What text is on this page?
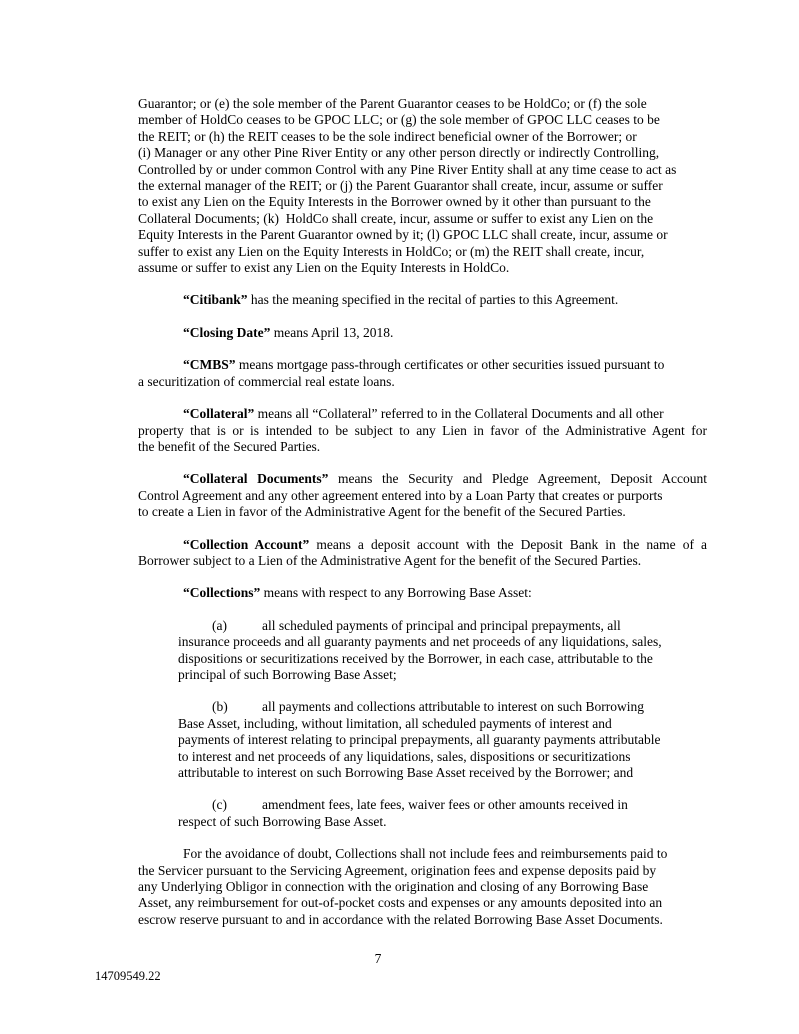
Guarantor; or (e) the sole member of the Parent Guarantor ceases to be HoldCo; or (f) the sole
member of HoldCo ceases to be GPOC LLC; or (g) the sole member of GPOC LLC ceases to be
the REIT; or (h) the REIT ceases to be the sole indirect beneficial owner of the Borrower; or
(i) Manager or any other Pine River Entity or any other person directly or indirectly Controlling,
Controlled by or under common Control with any Pine River Entity shall at any time cease to act as
the external manager of the REIT; or (j) the Parent Guarantor shall create, incur, assume or suffer
to exist any Lien on the Equity Interests in the Borrower owned by it other than pursuant to the
Collateral Documents; (k)  HoldCo shall create, incur, assume or suffer to exist any Lien on the
Equity Interests in the Parent Guarantor owned by it; (l) GPOC LLC shall create, incur, assume or
suffer to exist any Lien on the Equity Interests in HoldCo; or (m) the REIT shall create, incur,
assume or suffer to exist any Lien on the Equity Interests in HoldCo.
“Citibank” has the meaning specified in the recital of parties to this Agreement.
“Closing Date” means April 13, 2018.
“CMBS” means mortgage pass-through certificates or other securities issued pursuant to
a securitization of commercial real estate loans.
“Collateral” means all “Collateral” referred to in the Collateral Documents and all other
property that is or is intended to be subject to any Lien in favor of the Administrative Agent for
the benefit of the Secured Parties.
“Collateral Documents” means the Security and Pledge Agreement, Deposit Account
Control Agreement and any other agreement entered into by a Loan Party that creates or purports
to create a Lien in favor of the Administrative Agent for the benefit of the Secured Parties.
“Collection Account” means a deposit account with the Deposit Bank in the name of a
Borrower subject to a Lien of the Administrative Agent for the benefit of the Secured Parties.
“Collections” means with respect to any Borrowing Base Asset:
(a)	all scheduled payments of principal and principal prepayments, all
insurance proceeds and all guaranty payments and net proceeds of any liquidations, sales,
dispositions or securitizations received by the Borrower, in each case, attributable to the
principal of such Borrowing Base Asset;
(b)	all payments and collections attributable to interest on such Borrowing
Base Asset, including, without limitation, all scheduled payments of interest and
payments of interest relating to principal prepayments, all guaranty payments attributable
to interest and net proceeds of any liquidations, sales, dispositions or securitizations
attributable to interest on such Borrowing Base Asset received by the Borrower; and
(c)	amendment fees, late fees, waiver fees or other amounts received in
respect of such Borrowing Base Asset.
For the avoidance of doubt, Collections shall not include fees and reimbursements paid to
the Servicer pursuant to the Servicing Agreement, origination fees and expense deposits paid by
any Underlying Obligor in connection with the origination and closing of any Borrowing Base
Asset, any reimbursement for out-of-pocket costs and expenses or any amounts deposited into an
escrow reserve pursuant to and in accordance with the related Borrowing Base Asset Documents.
7
14709549.22
